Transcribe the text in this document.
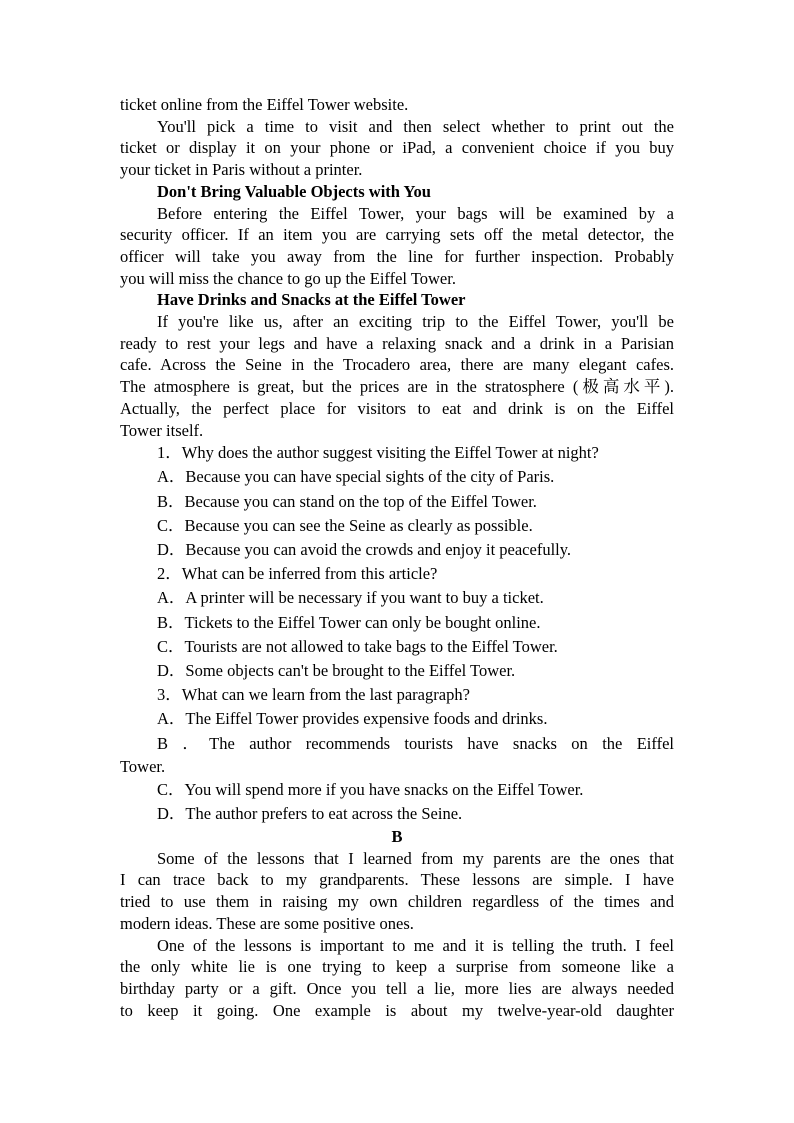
ticket online from the Eiffel Tower website.
You'll pick a time to visit and then select whether to print out the
ticket or display it on your phone or iPad, a convenient choice if you buy
your ticket in Paris without a printer.
Don't Bring Valuable Objects with You
Before entering the Eiffel Tower, your bags will be examined by a
security officer. If an item you are carrying sets off the metal detector, the
officer will take you away from the line for further inspection. Probably
you will miss the chance to go up the Eiffel Tower.
Have Drinks and Snacks at the Eiffel Tower
If you're like us, after an exciting trip to the Eiffel Tower, you'll be
ready to rest your legs and have a relaxing snack and a drink in a Parisian
cafe. Across the Seine in the Trocadero area, there are many elegant cafes.
The atmosphere is great, but the prices are in the stratosphere (极高水平).
Actually, the perfect place for visitors to eat and drink is on the Eiffel
Tower itself.
1．Why does the author suggest visiting the Eiffel Tower at night?
A．Because you can have special sights of the city of Paris.
B．Because you can stand on the top of the Eiffel Tower.
C．Because you can see the Seine as clearly as possible.
D．Because you can avoid the crowds and enjoy it peacefully.
2．What can be inferred from this article?
A．A printer will be necessary if you want to buy a ticket.
B．Tickets to the Eiffel Tower can only be bought online.
C．Tourists are not allowed to take bags to the Eiffel Tower.
D．Some objects can't be brought to the Eiffel Tower.
3．What can we learn from the last paragraph?
A．The Eiffel Tower provides expensive foods and drinks.
B ．The author recommends tourists have snacks on the Eiffel
Tower.
C．You will spend more if you have snacks on the Eiffel Tower.
D．The author prefers to eat across the Seine.
B
Some of the lessons that I learned from my parents are the ones that
I can trace back to my grandparents. These lessons are simple. I have
tried to use them in raising my own children regardless of the times and
modern ideas. These are some positive ones.
One of the lessons is important to me and it is telling the truth. I feel
the only white lie is one trying to keep a surprise from someone like a
birthday party or a gift. Once you tell a lie, more lies are always needed
to keep it going. One example is about my twelve-year-old daughter
